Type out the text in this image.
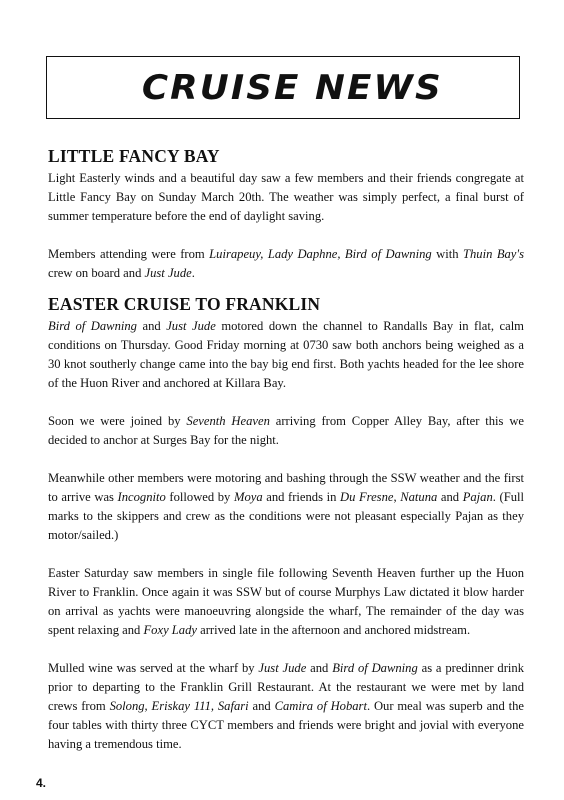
CRUISE NEWS
LITTLE FANCY BAY

Light Easterly winds and a beautiful day saw a few members and their friends congregate at Little Fancy Bay on Sunday March 20th. The weather was simply perfect, a final burst of summer temperature before the end of daylight saving.

Members attending were from Luirapeuy, Lady Daphne, Bird of Dawning with Thuin Bay's crew on board and Just Jude.

EASTER CRUISE TO FRANKLIN

Bird of Dawning and Just Jude motored down the channel to Randalls Bay in flat, calm conditions on Thursday. Good Friday morning at 0730 saw both anchors being weighed as a 30 knot southerly change came into the bay big end first. Both yachts headed for the lee shore of the Huon River and anchored at Killara Bay.

Soon we were joined by Seventh Heaven arriving from Copper Alley Bay, after this we decided to anchor at Surges Bay for the night.

Meanwhile other members were motoring and bashing through the SSW weather and the first to arrive was Incognito followed by Moya and friends in Du Fresne, Natuna and Pajan. (Full marks to the skippers and crew as the conditions were not pleasant especially Pajan as they motor/sailed.)

Easter Saturday saw members in single file following Seventh Heaven further up the Huon River to Franklin. Once again it was SSW but of course Murphys Law dictated it blow harder on arrival as yachts were manoeuvring alongside the wharf, The remainder of the day was spent relaxing and Foxy Lady arrived late in the afternoon and anchored midstream.

Mulled wine was served at the wharf by Just Jude and Bird of Dawning as a predinner drink prior to departing to the Franklin Grill Restaurant. At the restaurant we were met by land crews from Solong, Eriskay 111, Safari and Camira of Hobart. Our meal was superb and the four tables with thirty three CYCT members and friends were bright and jovial with everyone having a tremendous time.

4.
